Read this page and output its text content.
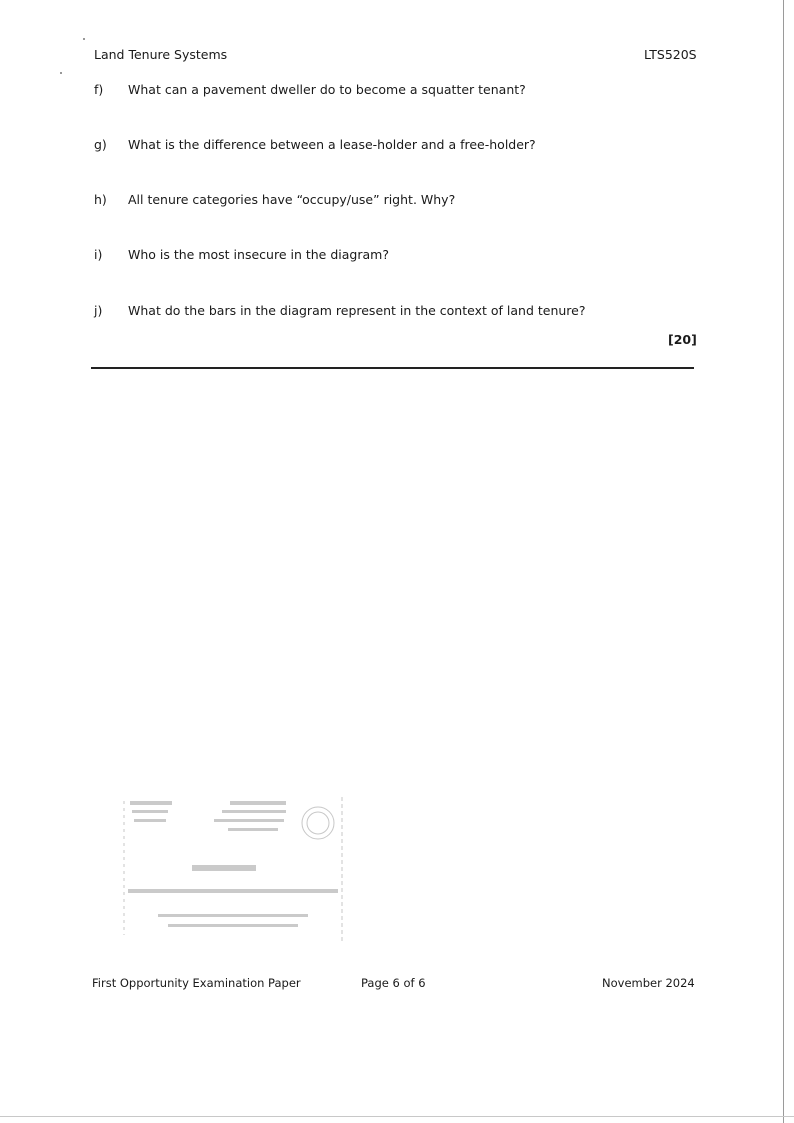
Land Tenure Systems	LTS520S
f) What can a pavement dweller do to become a squatter tenant?
g) What is the difference between a lease-holder and a free-holder?
h) All tenure categories have “occupy/use” right. Why?
i) Who is the most insecure in the diagram?
j) What do the bars in the diagram represent in the context of land tenure?
[20]
First Opportunity Examination Paper	Page 6 of 6	November 2024
